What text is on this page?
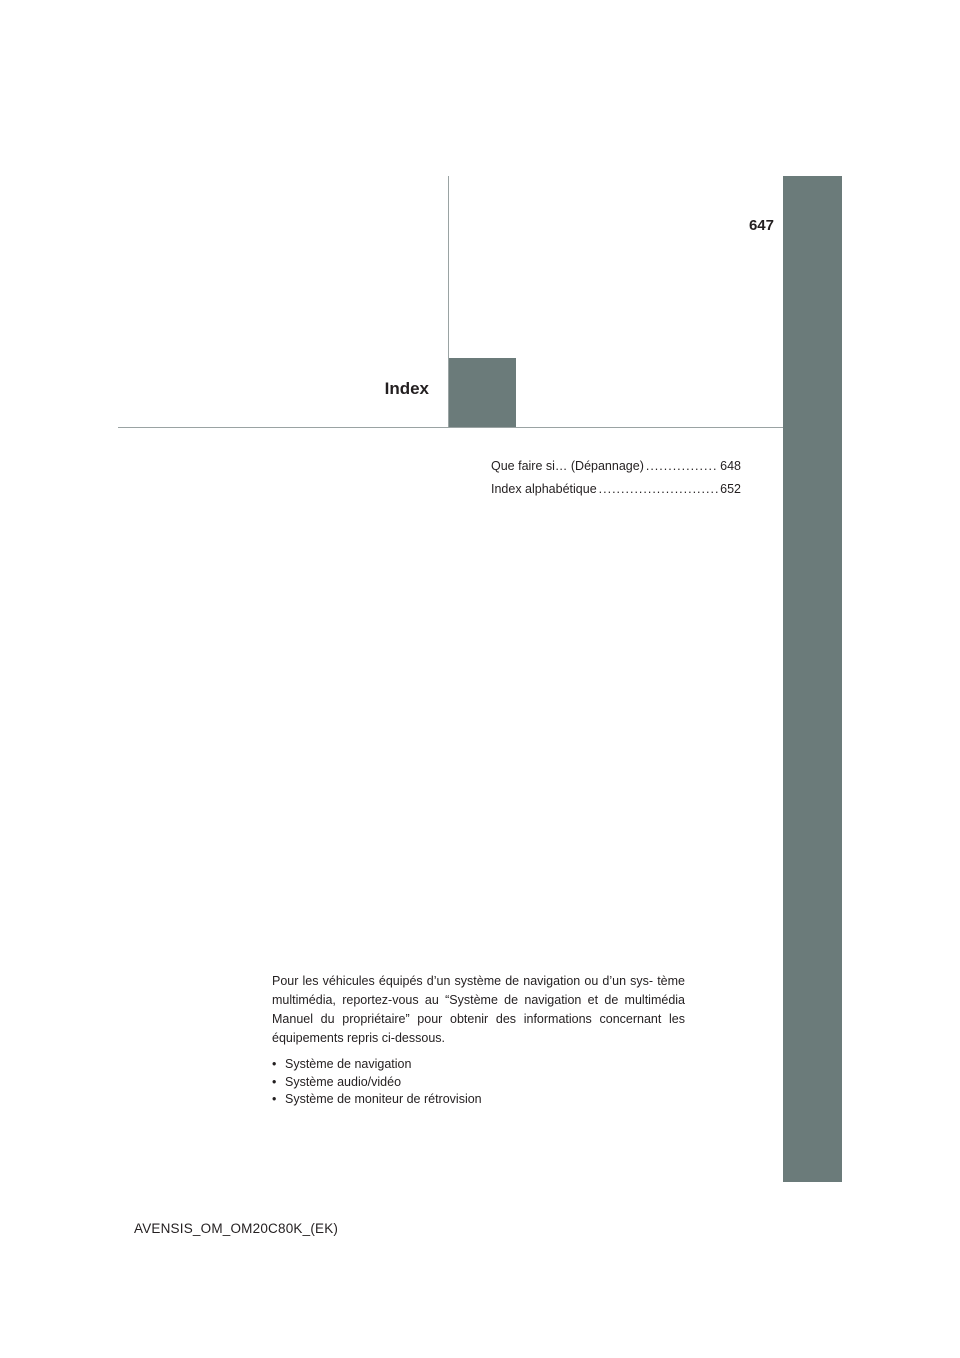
647
Index
Que faire si… (Dépannage) .....	648
Index alphabétique .....	652

Pour les véhicules équipés d’un système de navigation ou d’un sys- tème multimédia, reportez-vous au “Système de navigation et de multimédia Manuel du propriétaire” pour obtenir des informations concernant les équipements repris ci-dessous.

• Système de navigation
• Système audio/vidéo
• Système de moniteur de rétrovision
AVENSIS_OM_OM20C80K_(EK)
